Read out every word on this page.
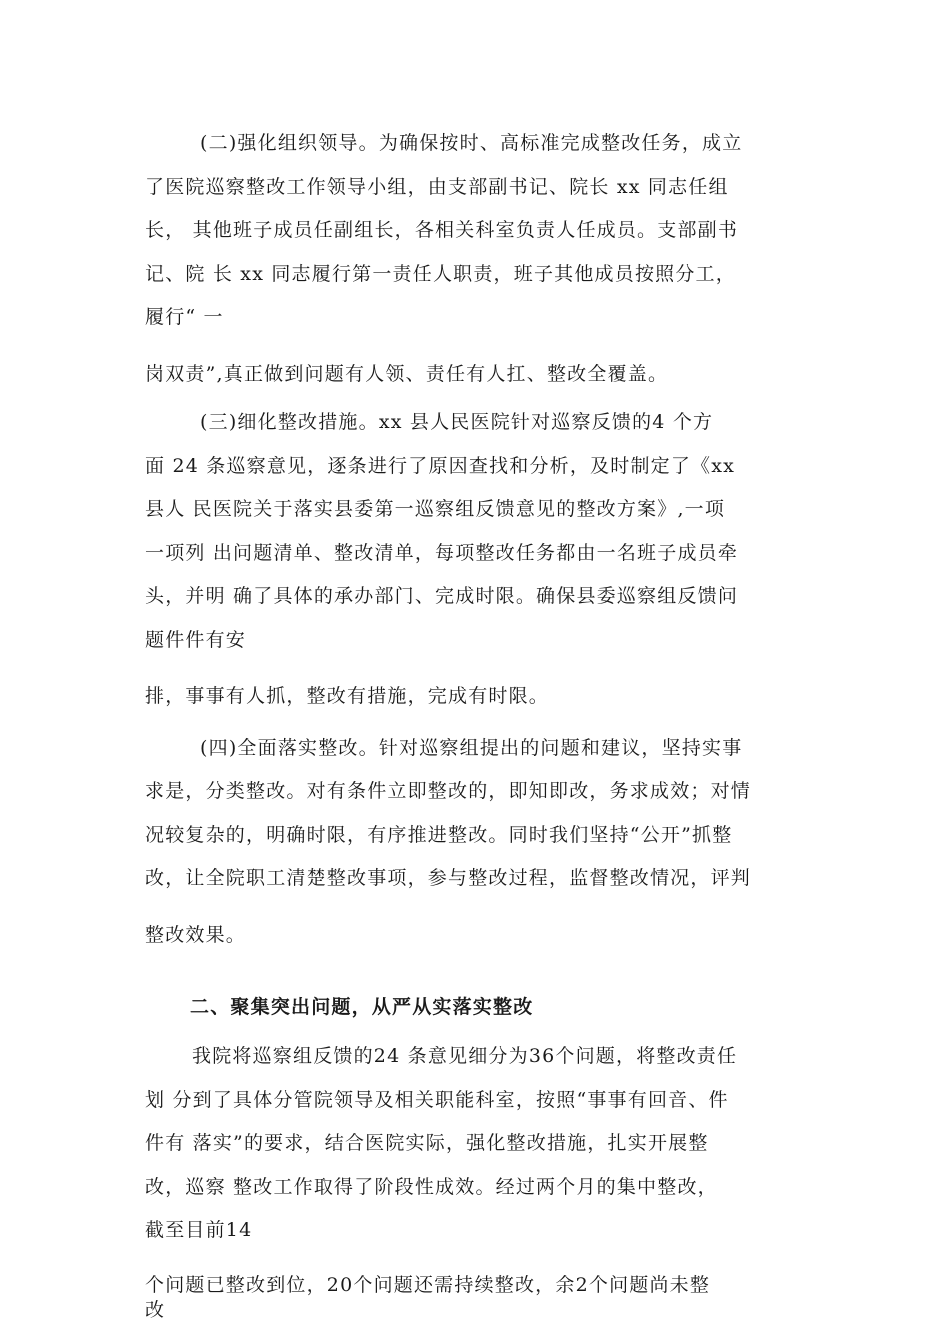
(二)强化组织领导。为确保按时、高标准完成整改任务，成立
了医院巡察整改工作领导小组，由支部副书记、院长 xx 同志任组
长， 其他班子成员任副组长，各相关科室负责人任成员。支部副书
记、院 长 xx 同志履行第一责任人职责，班子其他成员按照分工，
履行“ 一
岗双责”,真正做到问题有人领、责任有人扛、整改全覆盖。
(三)细化整改措施。xx 县人民医院针对巡察反馈的4 个方
面 24 条巡察意见，逐条进行了原因查找和分析，及时制定了《xx
县人 民医院关于落实县委第一巡察组反馈意见的整改方案》,一项
一项列 出问题清单、整改清单，每项整改任务都由一名班子成员牵
头，并明 确了具体的承办部门、完成时限。确保县委巡察组反馈问
题件件有安
排，事事有人抓，整改有措施，完成有时限。
(四)全面落实整改。针对巡察组提出的问题和建议，坚持实事
求是，分类整改。对有条件立即整改的，即知即改，务求成效；对情
况较复杂的，明确时限，有序推进整改。同时我们坚持“公开”抓整
改，让全院职工清楚整改事项，参与整改过程，监督整改情况，评判
整改效果。
二、聚集突出问题，从严从实落实整改
我院将巡察组反馈的24 条意见细分为36个问题，将整改责任
划 分到了具体分管院领导及相关职能科室，按照“事事有回音、件
件有 落实”的要求，结合医院实际，强化整改措施，扎实开展整
改，巡察 整改工作取得了阶段性成效。经过两个月的集中整改，
截至目前14
个问题已整改到位，20个问题还需持续整改，余2个问题尚未整
改
